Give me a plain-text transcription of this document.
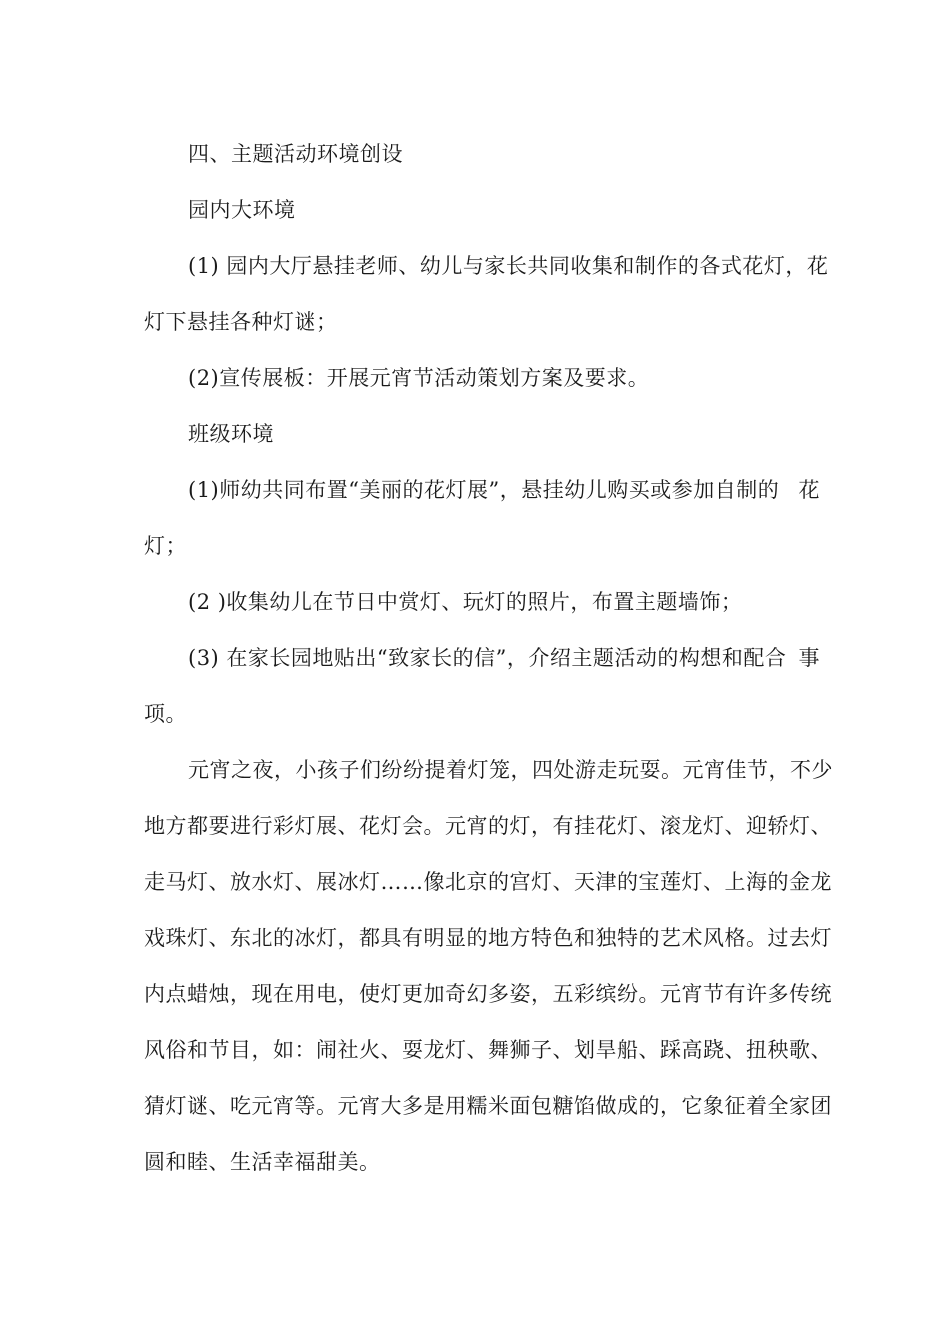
四、主题活动环境创设
园内大环境
(1) 园内大厅悬挂老师、幼儿与家长共同收集和制作的各式花灯， 花
灯下悬挂各种灯谜；
(2)宣传展板：开展元宵节活动策划方案及要求。
班级环境
(1)师幼共同布置“美丽的花灯展”，悬挂幼儿购买或参加自制的 花
灯；
(2 )收集幼儿在节日中赏灯、玩灯的照片，布置主题墙饰；
(3) 在家长园地贴出“致家长的信”，介绍主题活动的构想和配合 事
项。
元宵之夜，小孩子们纷纷提着灯笼，四处游走玩耍。元宵佳节， 不少
地方都要进行彩灯展、花灯会。元宵的灯，有挂花灯、滚龙灯、 迎轿灯、
走马灯、放水灯、展冰灯……像北京的宫灯、天津的宝莲灯、 上海的金龙
戏珠灯、东北的冰灯，都具有明显的地方特色和独特的艺 术风格。过去灯
内点蜡烛，现在用电，使灯更加奇幻多姿，五彩缤纷。 元宵节有许多传统
风俗和节目，如：闹社火、耍龙灯、舞狮子、划旱 船、踩高跷、扭秧歌、
猜灯谜、吃元宵等。元宵大多是用糯米面包糖 馅做成的，它象征着全家团
圆和睦、生活幸福甜美。
